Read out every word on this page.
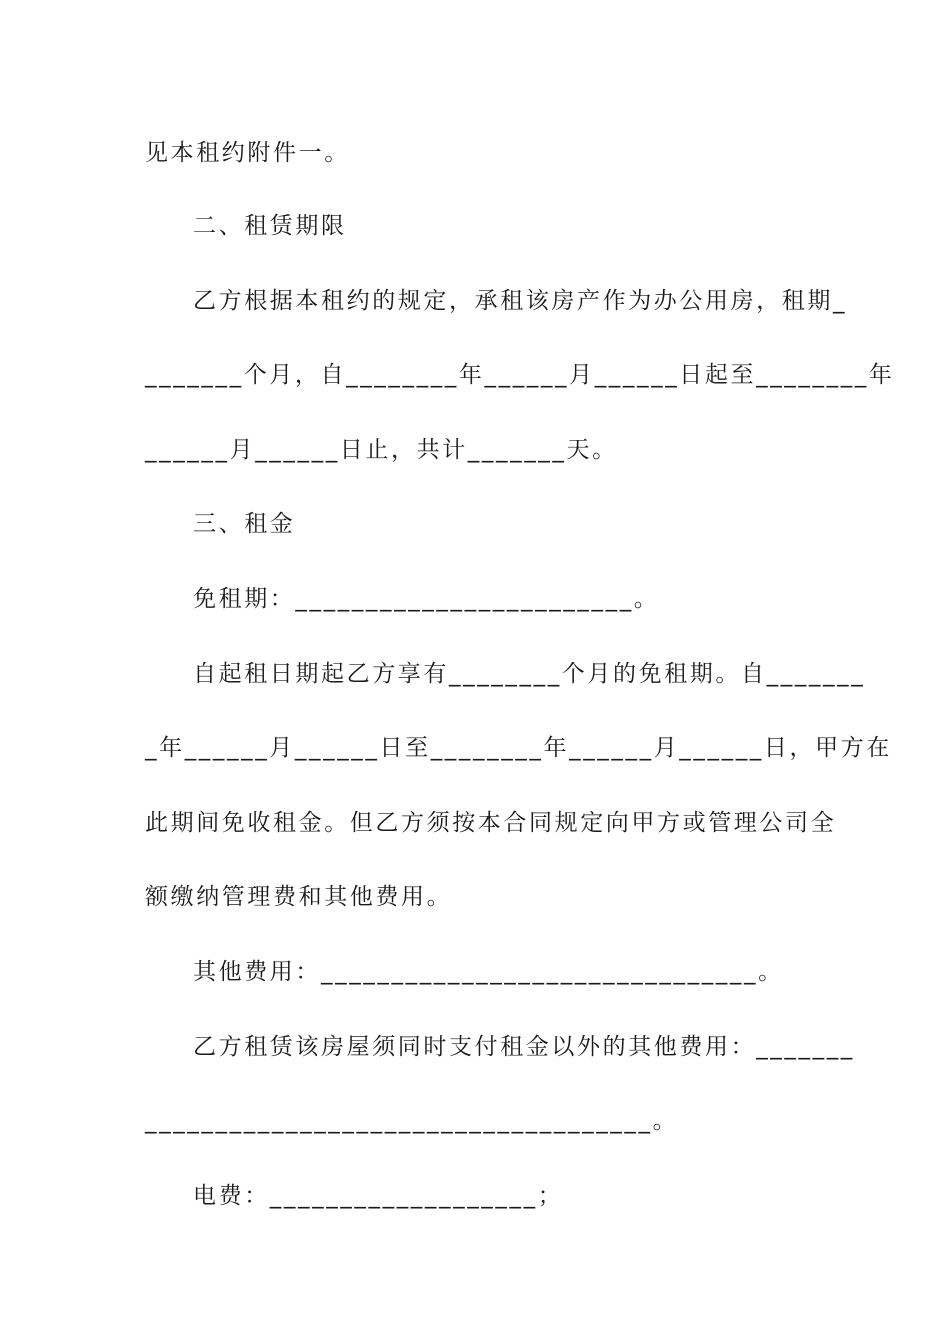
见本租约附件一。
二、租赁期限
乙方根据本租约的规定，承租该房产作为办公用房，租期_
_______个月，自________年______月______日起至________年
______月______日止，共计_______天。
三、租金
免租期：________________________。
自起租日期起乙方享有________个月的免租期。自_______
_年______月______日至________年______月______日，甲方在
此期间免收租金。但乙方须按本合同规定向甲方或管理公司全
额缴纳管理费和其他费用。
其他费用：_______________________________。
乙方租赁该房屋须同时支付租金以外的其他费用：_______
____________________________________。
电费：___________________；
